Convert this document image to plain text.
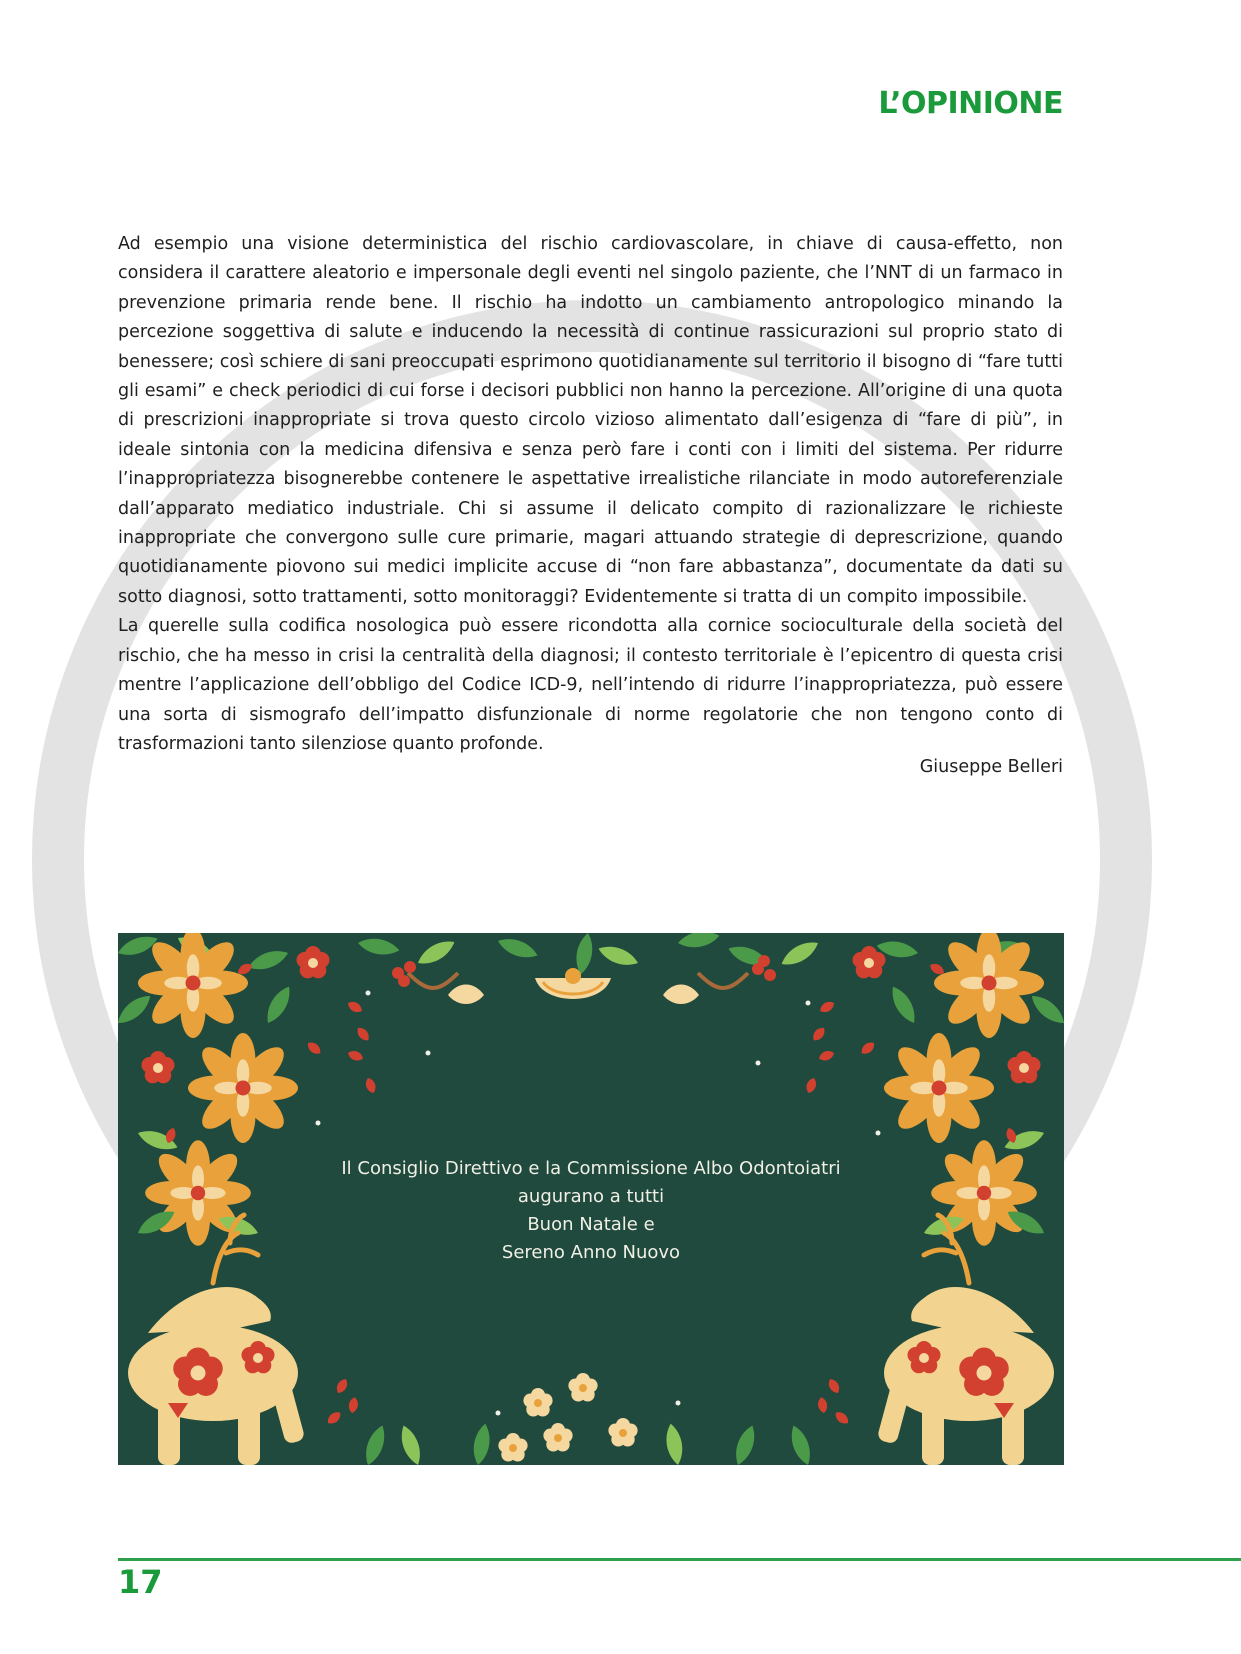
L’OPINIONE

Ad esempio una visione deterministica del rischio cardiovascolare, in chiave di causa-effetto, non considera il carattere aleatorio e impersonale degli eventi nel singolo paziente, che l’NNT di un farmaco in prevenzione primaria rende bene. Il rischio ha indotto un cambiamento antropologico minando la percezione soggettiva di salute e inducendo la necessità di continue rassicurazioni sul proprio stato di benessere; così schiere di sani preoccupati esprimono quotidianamente sul territorio il bisogno di “fare tutti gli esami” e check periodici di cui forse i decisori pubblici non hanno la percezione. All’origine di una quota di prescrizioni inappropriate si trova questo circolo vizioso alimentato dall’esigenza di “fare di più”, in ideale sintonia con la medicina difensiva e senza però fare i conti con i limiti del sistema. Per ridurre l’inappropriatezza bisognerebbe contenere le aspettative irrealistiche rilanciate in modo autoreferenziale dall’apparato mediatico industriale. Chi si assume il delicato compito di razionalizzare le richieste inappropriate che convergono sulle cure primarie, magari attuando strategie di deprescrizione, quando quotidianamente piovono sui medici implicite accuse di “non fare abbastanza”, documentate da dati su sotto diagnosi, sotto trattamenti, sotto monitoraggi? Evidentemente si tratta di un compito impossibile.

La querelle sulla codifica nosologica può essere ricondotta alla cornice socioculturale della società del rischio, che ha messo in crisi la centralità della diagnosi; il contesto territoriale è l’epicentro di questa crisi mentre l’applicazione dell’obbligo del Codice ICD-9, nell’intendo di ridurre l’inappropriatezza, può essere una sorta di sismografo dell’impatto disfunzionale di norme regolatorie che non tengono conto di trasformazioni tanto silenziose quanto profonde.

Giuseppe Belleri
Il Consiglio Direttivo e la Commissione Albo Odontoiatri
augurano a tutti
Buon Natale e
Sereno Anno Nuovo
17
